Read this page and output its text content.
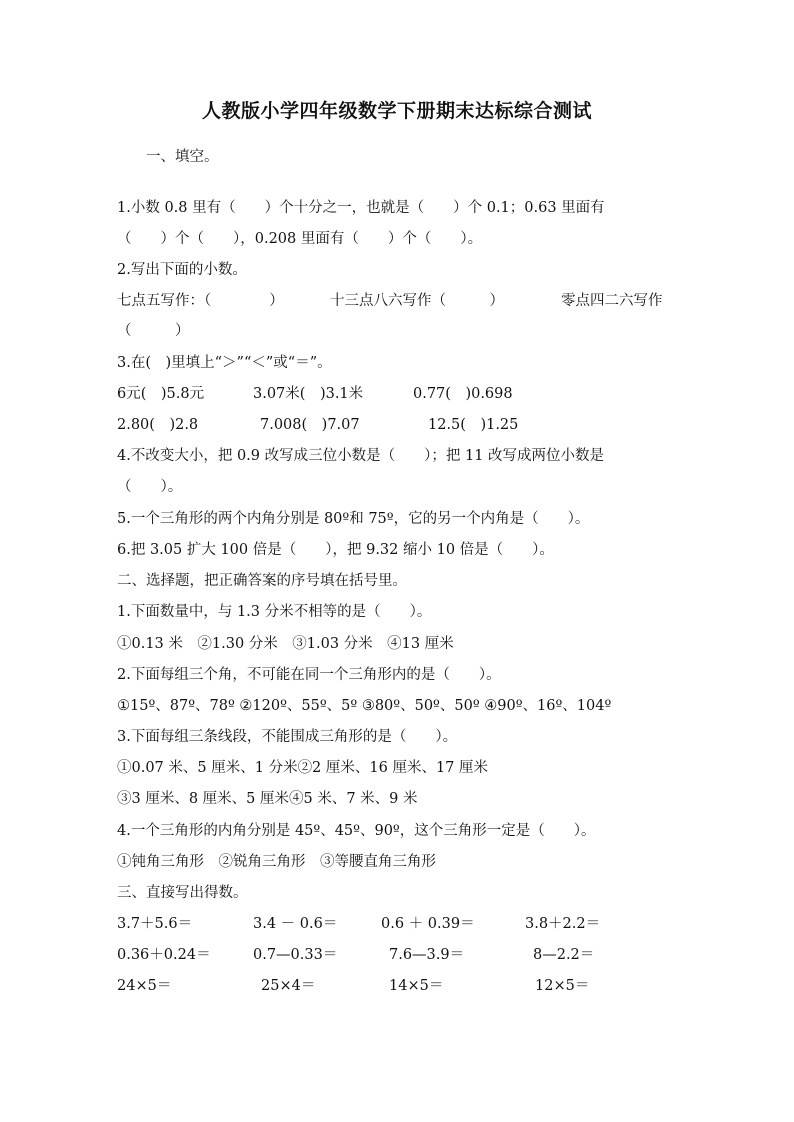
人教版小学四年级数学下册期末达标综合测试
一、填空。
1.小数 0.8 里有（　　）个十分之一，也就是（　　）个 0.1；0.63 里面有
（　　）个（　　），0.208 里面有（　　）个（　　）。
2.写出下面的小数。
七点五写作：（　　　　）	十三点八六写作（　　　）	零点四二六写作
（　　　）
3.在(　)里填上“＞”“＜”或“＝”。
6元(　)5.8元	3.07米(　)3.1米	0.77(　)0.698
2.80(　)2.8	7.008(　)7.07	12.5(　)1.25
4.不改变大小，把 0.9 改写成三位小数是（　　）；把 11 改写成两位小数是
（　　）。
5.一个三角形的两个内角分别是 80º和 75º，它的另一个内角是（　　）。
6.把 3.05 扩大 100 倍是（　　），把 9.32 缩小 10 倍是（　　）。
二、选择题，把正确答案的序号填在括号里。
1.下面数量中，与 1.3 分米不相等的是（　　）。
①0.13 米　②1.30 分米　③1.03 分米　④13 厘米
2.下面每组三个角，不可能在同一个三角形内的是（　　）。
①15º、87º、78º ②120º、55º、5º ③80º、50º、50º ④90º、16º、104º
3.下面每组三条线段，不能围成三角形的是（　　）。
①0.07 米、5 厘米、1 分米②2 厘米、16 厘米、17 厘米
③3 厘米、8 厘米、5 厘米④5 米、7 米、9 米
4.一个三角形的内角分别是 45º、45º、90º，这个三角形一定是（　　）。
①钝角三角形　②锐角三角形　③等腰直角三角形
三、直接写出得数。
3.7＋5.6＝	3.4 － 0.6＝	0.6 ＋ 0.39＝	3.8＋2.2＝
0.36＋0.24＝	0.7—0.33＝	7.6—3.9＝	8—2.2＝
24×5＝	25×4＝	14×5＝	12×5＝
